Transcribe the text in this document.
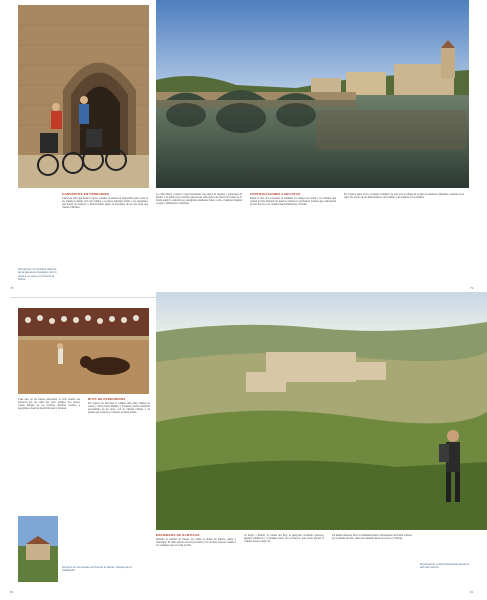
Peregrinos en bicicleta delante de la iglesia de Santiago. El río Arga a su paso por Puente la Reina.
CONVENTOS EN PEREGRINO

Cuenta la villa que desde la época romana ya existía un importante paso sobre el río. Puente la Reina vive del camino y su plaza principal recibe a los peregrinos que llegan de Somport y Roncesvalles, lugar de encuentro de las dos rutas que cruzan el Pirineo.

La calle Mayor conserva casas blasonadas con aleros de madera y portalones de piedra, y la iglesia del Crucifijo guarda una talla gótica de brazos en forma de Y, traída según la tradición por peregrinos alemanes. Junto a ella, el antiguo hospital acogía a caminantes y enfermos.

FORTIFICACIONES CARLISTAS

Desde lo alto de los montes se dominan los campos de cereal y los viñedos que rodean la villa. Durante las guerras carlistas se levantaron fortines que controlaban el paso del río y los caminos hacia Pamplona y Estella.

En el paseo junto al río, el puente románico de seis ojos se refleja en el agua al atardecer. Mandado construir en el siglo XI, es uno de los más hermosos del Camino y da nombre a la localidad.

78	79
Encierro en las fiestas de Puente la Reina. Paisaje de la Valdizarbe.
El peregrino contempla Estella desde el alto del camino.

Cada año, en las fiestas patronales, la villa celebra sus encierros por las calles del casco antiguo. Los mozos corren delante de los novillos mientras vecinos y peregrinos observan desde balcones y barreras.

RUTA DE PEREGRINOS

Por espacio de una hora el camino sube entre campos de cereal y olivos hasta Mañeru y Cirauqui, pueblo medieval encaramado en un cerro, con su calzada romana y un puente que todavía se conserva en buen estado.

ENCIERROS DE SANTIAGO

Durante la semana de fiestas, las calles se llenan de música, peñas y charangas. El santo patrón sale en procesión y los vecinos ofrecen comida a los visitantes que recorren la villa.

Al llegar a Estella, la ciudad del Ega, el peregrino encuentra palacios, iglesias románicas y el antiguo barrio de los francos, que creció gracias al Camino desde el siglo XI.

Un último esfuerzo lleva al caminante hasta el monasterio de Irache, famoso por su fuente de vino, antes de continuar hacia Los Arcos y la Rioja.

80	81
